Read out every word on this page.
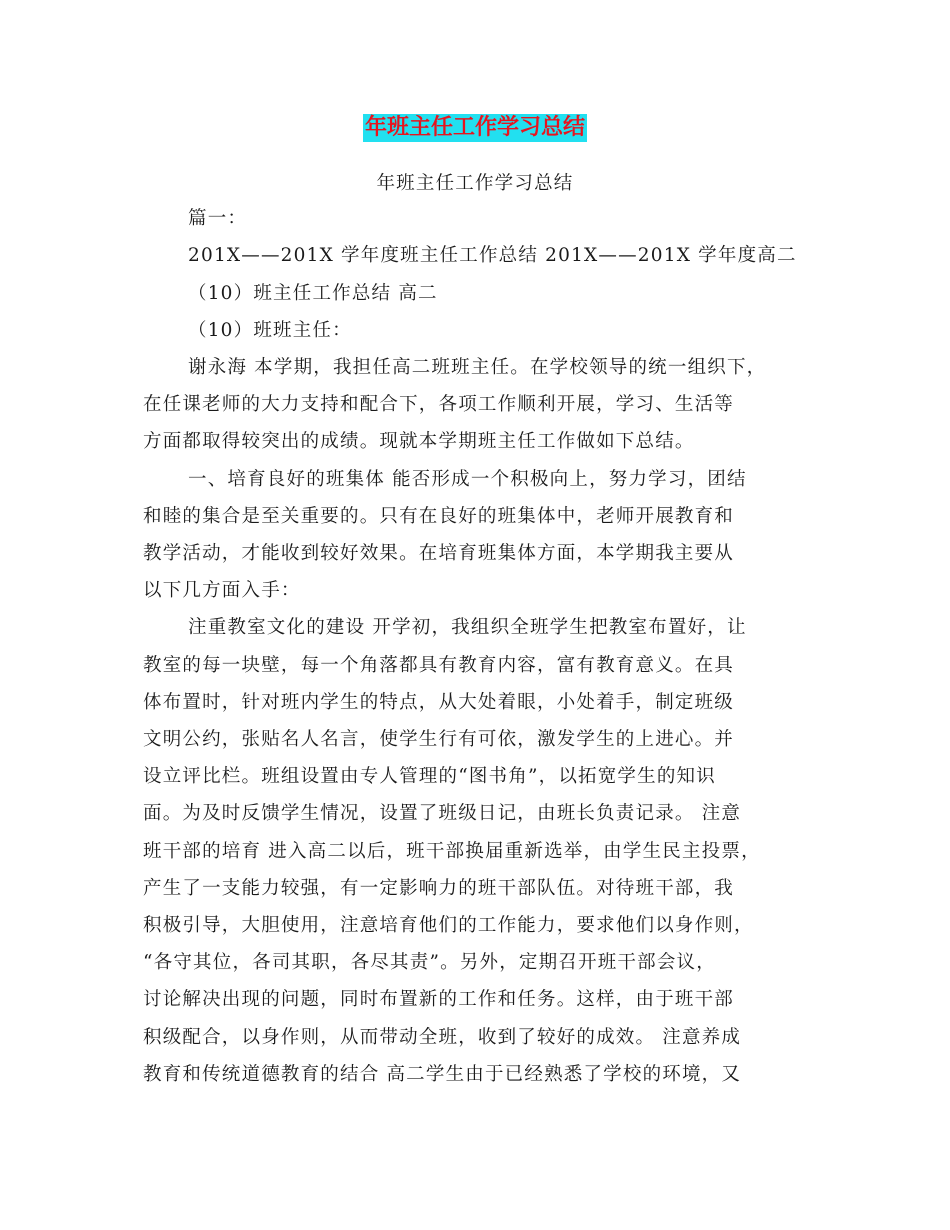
年班主任工作学习总结
年班主任工作学习总结
篇一：
201X——201X 学年度班主任工作总结 201X——201X 学年度高二
（10）班主任工作总结 高二
（10）班班主任：
谢永海 本学期，我担任高二班班主任。在学校领导的统一组织下，
在任课老师的大力支持和配合下，各项工作顺利开展，学习、生活等
方面都取得较突出的成绩。现就本学期班主任工作做如下总结。
一、培育良好的班集体 能否形成一个积极向上，努力学习，团结
和睦的集合是至关重要的。只有在良好的班集体中，老师开展教育和
教学活动，才能收到较好效果。在培育班集体方面，本学期我主要从
以下几方面入手：
注重教室文化的建设 开学初，我组织全班学生把教室布置好，让
教室的每一块壁，每一个角落都具有教育内容，富有教育意义。在具
体布置时，针对班内学生的特点，从大处着眼，小处着手，制定班级
文明公约，张贴名人名言，使学生行有可依，激发学生的上进心。并
设立评比栏。班组设置由专人管理的“图书角”，以拓宽学生的知识
面。为及时反馈学生情况，设置了班级日记，由班长负责记录。 注意
班干部的培育 进入高二以后，班干部换届重新选举，由学生民主投票，
产生了一支能力较强，有一定影响力的班干部队伍。对待班干部，我
积极引导，大胆使用，注意培育他们的工作能力，要求他们以身作则，
“各守其位，各司其职，各尽其责”。另外，定期召开班干部会议，
讨论解决出现的问题，同时布置新的工作和任务。这样，由于班干部
积级配合，以身作则，从而带动全班，收到了较好的成效。 注意养成
教育和传统道德教育的结合 高二学生由于已经熟悉了学校的环境，又
